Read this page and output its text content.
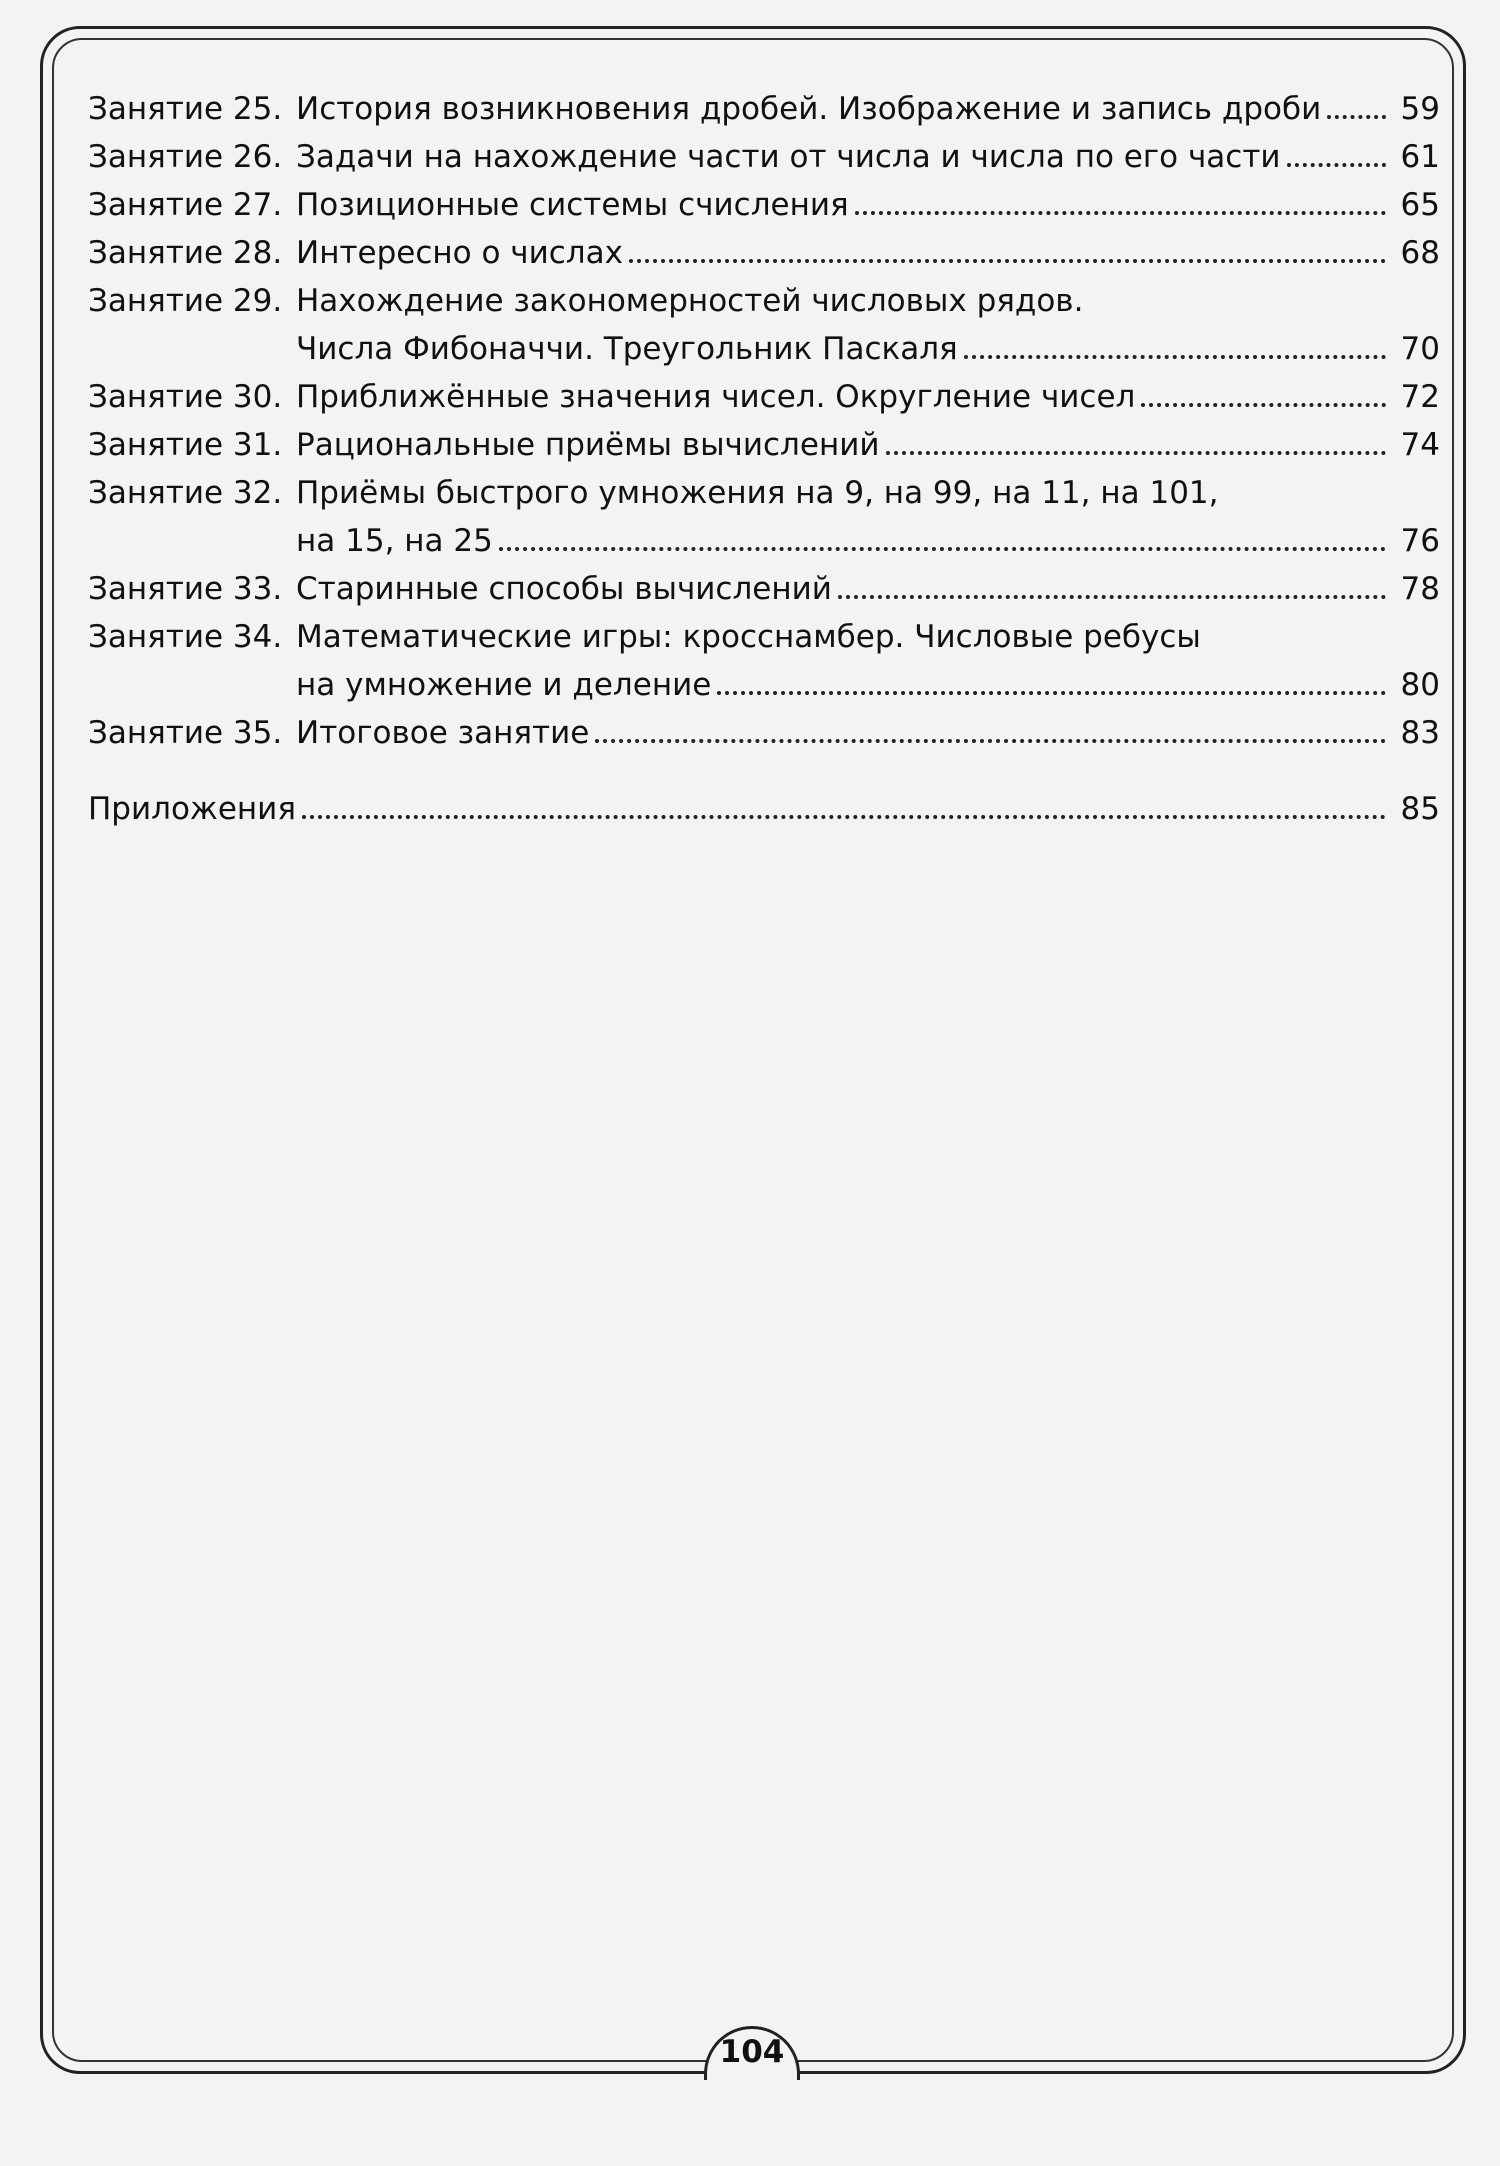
Занятие 25. История возникновения дробей. Изображение и запись дроби	59
Занятие 26. Задачи на нахождение части от числа и числа по его части	61
Занятие 27. Позиционные системы счисления	65
Занятие 28. Интересно о числах	68
Занятие 29. Нахождение закономерностей числовых рядов.
Числа Фибоначчи. Треугольник Паскаля	70
Занятие 30. Приближённые значения чисел. Округление чисел	72
Занятие 31. Рациональные приёмы вычислений	74
Занятие 32. Приёмы быстрого умножения на 9, на 99, на 11, на 101,
на 15, на 25	76
Занятие 33. Старинные способы вычислений	78
Занятие 34. Математические игры: кросснамбер. Числовые ребусы
на умножение и деление	80
Занятие 35. Итоговое занятие	83
Приложения	85
104
